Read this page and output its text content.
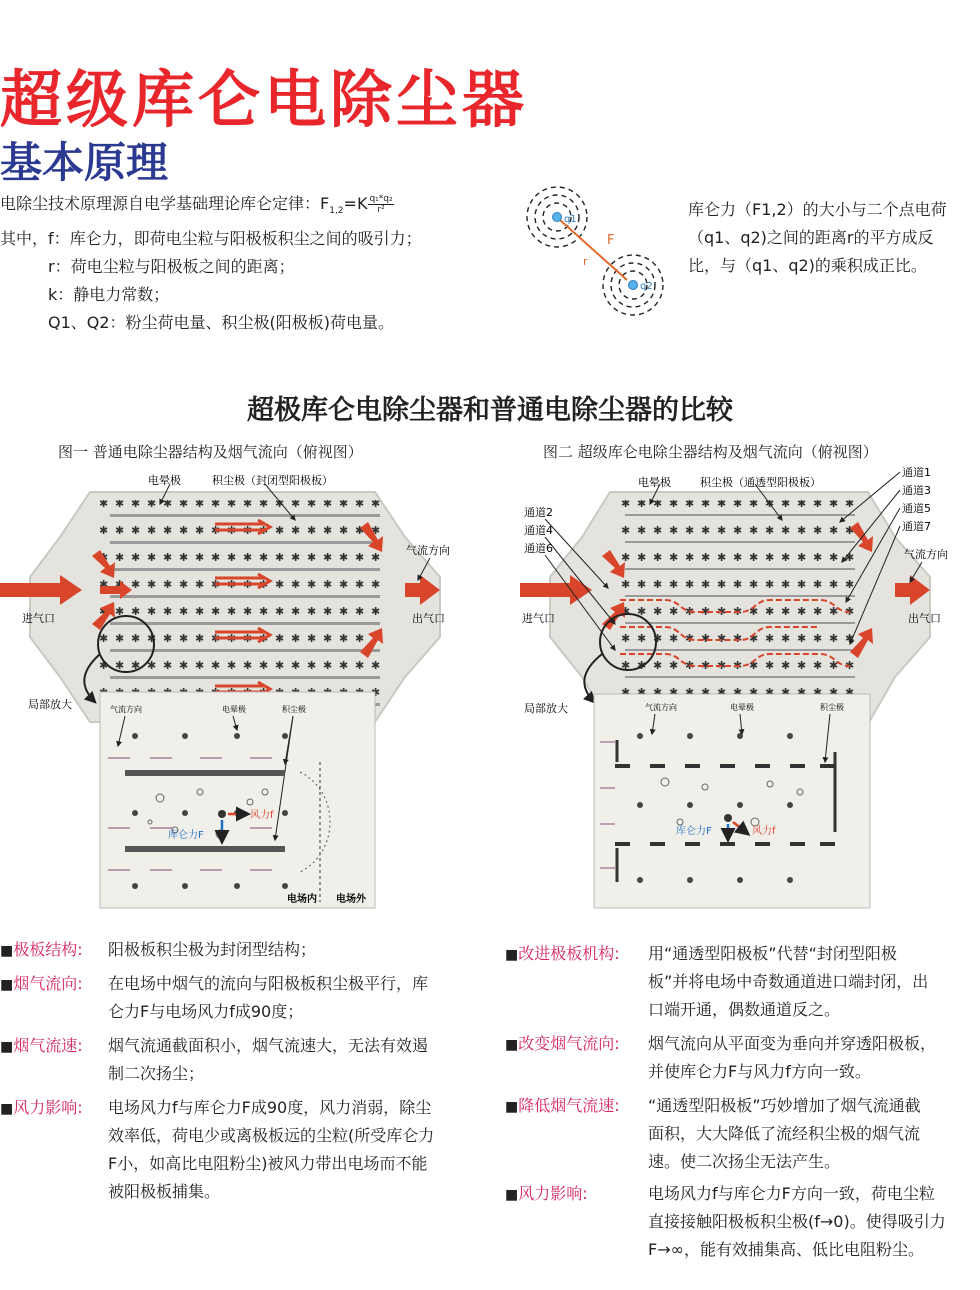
超级库仑电除尘器
基本原理
电除尘技术原理源自电学基础理论库仑定律：$F_{1,2}=K \frac{\text{q₁*q₂}}{\text{r²}}$
其中，f：库仑力，即荷电尘粒与阳极板积尘之间的吸引力；
r：荷电尘粒与阳极板之间的距离；
k：静电力常数；
Q1、Q2：粉尘荷电量、积尘极(阳极板)荷电量。
q1
q2
F
r
库仑力（F1,2）的大小与二个点电荷（q1、q2)之间的距离r的平方成反比，与（q1、q2)的乘积成正比。
超极库仑电除尘器和普通电除尘器的比较
图一 普通电除尘器结构及烟气流向（俯视图）	图二 超级库仑电除尘器结构及烟气流向（俯视图）
电晕极	积尘极（封闭型阳极板）
气流方向
进气口	出气口
局部放大	气流方向	电晕极	积尘极
风力f
库仑力F
电场内 电场外
电晕极	积尘极（通透型阳极板）
通道1
通道3
通道5
通道7
通道2
通道4
通道6	气流方向
进气口	出气口
局部放大	气流方向	电晕极	积尘极
风力f
库仑力F
■极板结构: 阳极板积尘极为封闭型结构；
■烟气流向: 在电场中烟气的流向与阳极板积尘极平行，库
仑力F与电场风力f成90度；
■烟气流速: 烟气流通截面积小，烟气流速大，无法有效遏
制二次扬尘；
■风力影响: 电场风力f与库仑力F成90度，风力消弱，除尘
效率低，荷电少或离极板远的尘粒(所受库仑力
F小，如高比电阻粉尘)被风力带出电场而不能
被阳极板捕集。
■改进极板机构: 用“通透型阳极板”代替“封闭型阳极
板”并将电场中奇数通道进口端封闭，出
口端开通，偶数通道反之。
■改变烟气流向: 烟气流向从平面变为垂向并穿透阳极板，
并使库仑力F与风力f方向一致。
■降低烟气流速: “通透型阳极板”巧妙增加了烟气流通截
面积，大大降低了流经积尘极的烟气流
速。使二次扬尘无法产生。
■风力影响:	电场风力f与库仑力F方向一致，荷电尘粒
直接接触阳极板积尘极(f→0)。使得吸引力
F→∞，能有效捕集高、低比电阻粉尘。
